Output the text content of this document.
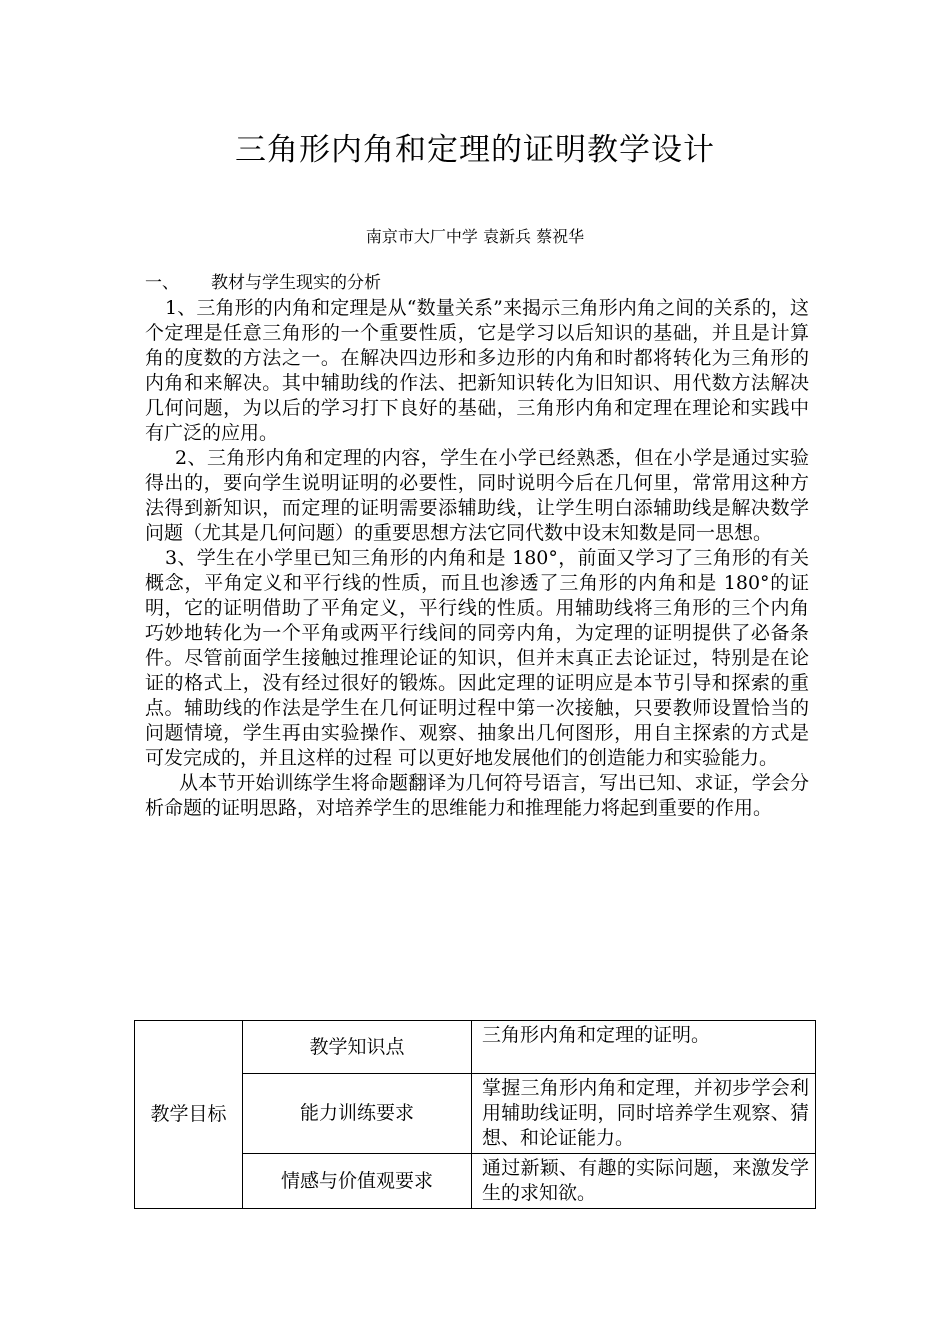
三角形内角和定理的证明教学设计
南京市大厂中学 袁新兵 蔡祝华
一、 教材与学生现实的分析

1、三角形的内角和定理是从“数量关系”来揭示三角形内角之间的关系的，这个定理是任意三角形的一个重要性质，它是学习以后知识的基础，并且是计算角的度数的方法之一。在解决四边形和多边形的内角和时都将转化为三角形的内角和来解决。其中辅助线的作法、把新知识转化为旧知识、用代数方法解决几何问题，为以后的学习打下良好的基础，三角形内角和定理在理论和实践中有广泛的应用。

2、三角形内角和定理的内容，学生在小学已经熟悉，但在小学是通过实验得出的，要向学生说明证明的必要性，同时说明今后在几何里，常常用这种方法得到新知识，而定理的证明需要添辅助线，让学生明白添辅助线是解决数学问题（尤其是几何问题）的重要思想方法它同代数中设末知数是同一思想。

3、学生在小学里已知三角形的内角和是 180°，前面又学习了三角形的有关概念，平角定义和平行线的性质，而且也渗透了三角形的内角和是 180°的证明，它的证明借助了平角定义，平行线的性质。用辅助线将三角形的三个内角巧妙地转化为一个平角或两平行线间的同旁内角，为定理的证明提供了必备条件。尽管前面学生接触过推理论证的知识，但并末真正去论证过，特别是在论证的格式上，没有经过很好的锻炼。因此定理的证明应是本节引导和探索的重点。辅助线的作法是学生在几何证明过程中第一次接触，只要教师设置恰当的问题情境，学生再由实验操作、观察、抽象出几何图形，用自主探索的方式是可发完成的，并且这样的过程 可以更好地发展他们的创造能力和实验能力。

从本节开始训练学生将命题翻译为几何符号语言，写出已知、求证，学会分析命题的证明思路，对培养学生的思维能力和推理能力将起到重要的作用。

教学目标	教学知识点	三角形内角和定理的证明。
	能力训练要求	掌握三角形内角和定理，并初步学会利用辅助线证明，同时培养学生观察、猜想、和论证能力。
	情感与价值观要求	通过新颖、有趣的实际问题，来激发学生的求知欲。
